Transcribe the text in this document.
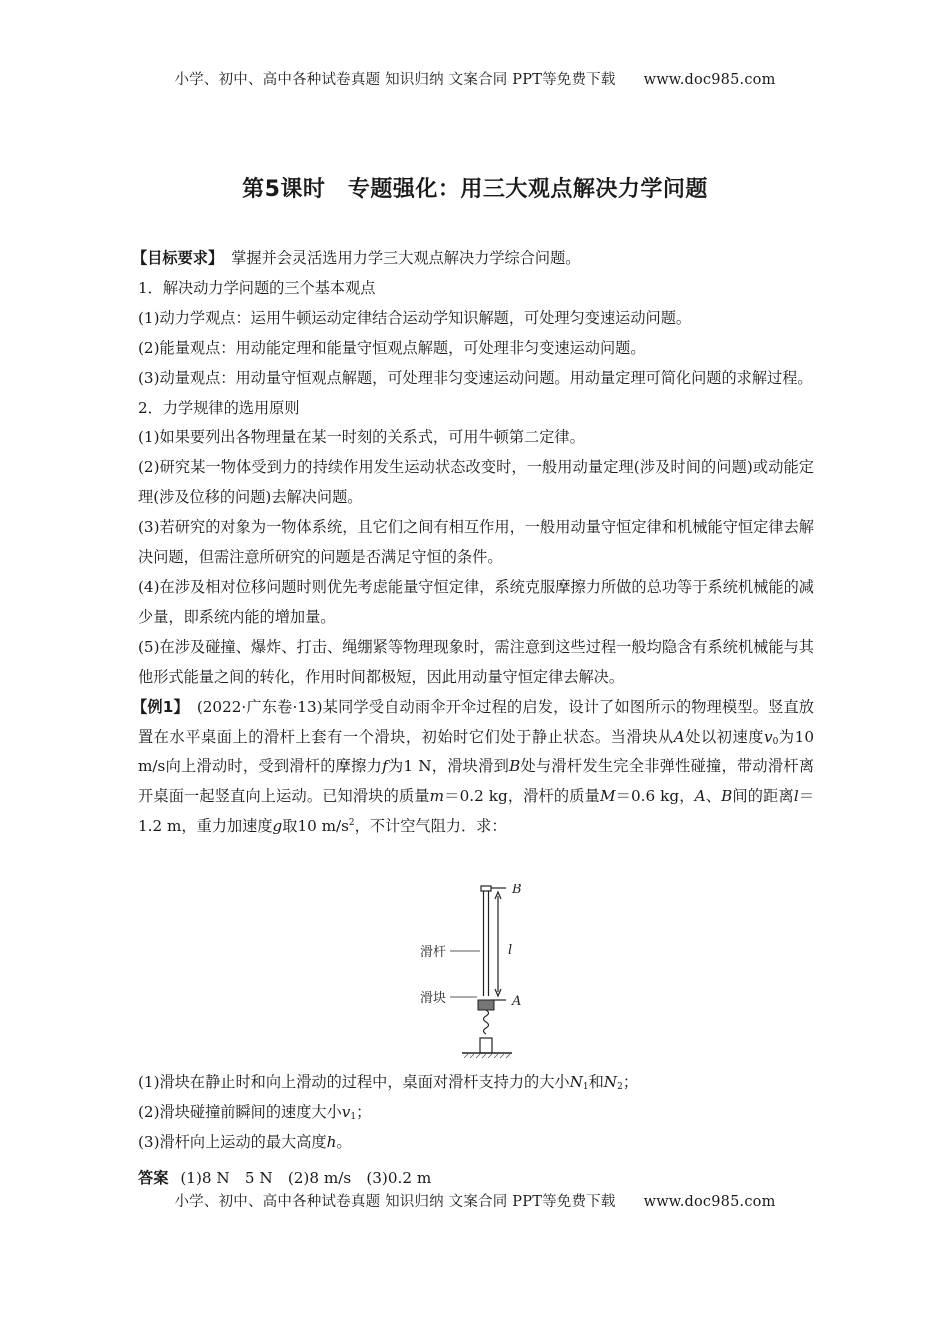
小学、初中、高中各种试卷真题 知识归纳 文案合同 PPT等免费下载 www.doc985.com
第5课时　专题强化：用三大观点解决力学问题

【目标要求】 掌握并会灵活选用力学三大观点解决力学综合问题。

1．解决动力学问题的三个基本观点

(1)动力学观点：运用牛顿运动定律结合运动学知识解题，可处理匀变速运动问题。

(2)能量观点：用动能定理和能量守恒观点解题，可处理非匀变速运动问题。

(3)动量观点：用动量守恒观点解题，可处理非匀变速运动问题。用动量定理可简化问题的求解过程。

2．力学规律的选用原则

(1)如果要列出各物理量在某一时刻的关系式，可用牛顿第二定律。

(2)研究某一物体受到力的持续作用发生运动状态改变时，一般用动量定理(涉及时间的问题)或动能定理(涉及位移的问题)去解决问题。

(3)若研究的对象为一物体系统，且它们之间有相互作用，一般用动量守恒定律和机械能守恒定律去解决问题，但需注意所研究的问题是否满足守恒的条件。

(4)在涉及相对位移问题时则优先考虑能量守恒定律，系统克服摩擦力所做的总功等于系统机械能的减少量，即系统内能的增加量。

(5)在涉及碰撞、爆炸、打击、绳绷紧等物理现象时，需注意到这些过程一般均隐含有系统机械能与其他形式能量之间的转化，作用时间都极短，因此用动量守恒定律去解决。

【例1】 (2022·广东卷·13)某同学受自动雨伞开伞过程的启发，设计了如图所示的物理模型。竖直放置在水平桌面上的滑杆上套有一个滑块，初始时它们处于静止状态。当滑块从A处以初速度$v_0$为10 m/s向上滑动时，受到滑杆的摩擦力f为1 N，滑块滑到B处与滑杆发生完全非弹性碰撞，带动滑杆离开桌面一起竖直向上运动。已知滑块的质量m＝0.2 kg，滑杆的质量M＝0.6 kg，A、B间的距离l＝1.2 m，重力加速度g取10 $m/s^2$，不计空气阻力．求：

滑杆
滑块
B
A
l

(1)滑块在静止时和向上滑动的过程中，桌面对滑杆支持力的大小$N_1$和$N_2$；

(2)滑块碰撞前瞬间的速度大小$v_1$；

(3)滑杆向上运动的最大高度h。

答案 (1)8 N　5 N　(2)8 m/s　(3)0.2 m
小学、初中、高中各种试卷真题 知识归纳 文案合同 PPT等免费下载 www.doc985.com
